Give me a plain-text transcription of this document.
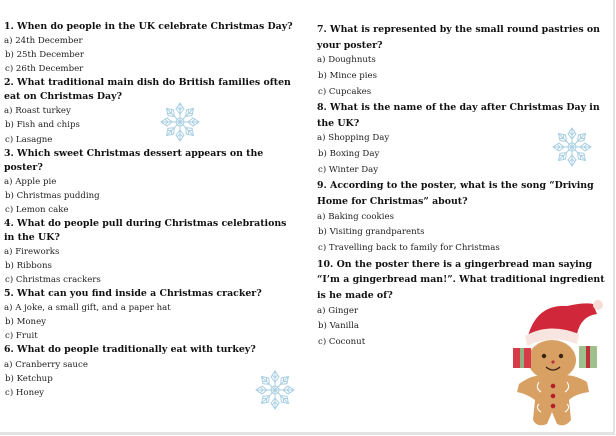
1. When do people in the UK celebrate Christmas Day?
a) 24th December
b) 25th December
c) 26th December
2. What traditional main dish do British families often
eat on Christmas Day?
a) Roast turkey
b) Fish and chips
c) Lasagne
3. Which sweet Christmas dessert appears on the
poster?
a) Apple pie
b) Christmas pudding
c) Lemon cake
4. What do people pull during Christmas celebrations
in the UK?
a) Fireworks
b) Ribbons
c) Christmas crackers
5. What can you find inside a Christmas cracker?
a) A joke, a small gift, and a paper hat
b) Money
c) Fruit
6. What do people traditionally eat with turkey?
a) Cranberry sauce
b) Ketchup
c) Honey
7. What is represented by the small round pastries on
your poster?
a) Doughnuts
b) Mince pies
c) Cupcakes
8. What is the name of the day after Christmas Day in
the UK?
a) Shopping Day
b) Boxing Day
c) Winter Day
9. According to the poster, what is the song “Driving
Home for Christmas” about?
a) Baking cookies
b) Visiting grandparents
c) Travelling back to family for Christmas
10. On the poster there is a gingerbread man saying
“I’m a gingerbread man!”. What traditional ingredient
is he made of?
a) Ginger
b) Vanilla
c) Coconut
